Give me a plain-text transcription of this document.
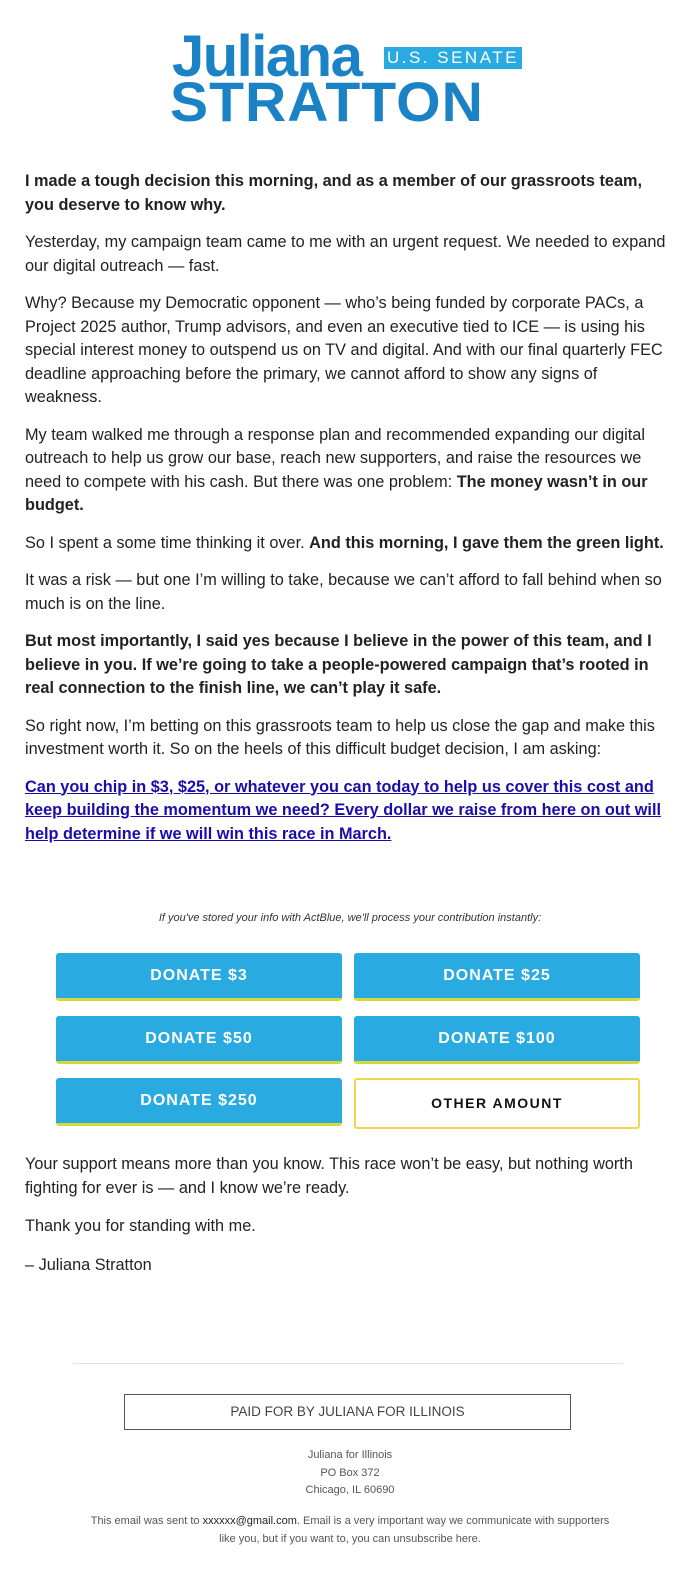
Juliana U.S. SENATE
STRATTON

I made a tough decision this morning, and as a member of our grassroots team, you deserve to know why.

Yesterday, my campaign team came to me with an urgent request. We needed to expand our digital outreach — fast.

Why? Because my Democratic opponent — who’s being funded by corporate PACs, a Project 2025 author, Trump advisors, and even an executive tied to ICE — is using his special interest money to outspend us on TV and digital. And with our final quarterly FEC deadline approaching before the primary, we cannot afford to show any signs of weakness.

My team walked me through a response plan and recommended expanding our digital outreach to help us grow our base, reach new supporters, and raise the resources we need to compete with his cash. But there was one problem: The money wasn’t in our budget.

So I spent a some time thinking it over. And this morning, I gave them the green light.

It was a risk — but one I’m willing to take, because we can’t afford to fall behind when so much is on the line.

But most importantly, I said yes because I believe in the power of this team, and I believe in you. If we’re going to take a people-powered campaign that’s rooted in real connection to the finish line, we can’t play it safe.

So right now, I’m betting on this grassroots team to help us close the gap and make this investment worth it. So on the heels of this difficult budget decision, I am asking:

Can you chip in $3, $25, or whatever you can today to help us cover this cost and keep building the momentum we need? Every dollar we raise from here on out will help determine if we will win this race in March.

If you've stored your info with ActBlue, we'll process your contribution instantly:
DONATE $3	DONATE $25
DONATE $50	DONATE $100
DONATE $250	OTHER AMOUNT

Your support means more than you know. This race won’t be easy, but nothing worth fighting for ever is — and I know we’re ready.

Thank you for standing with me.

– Juliana Stratton

PAID FOR BY JULIANA FOR ILLINOIS
Juliana for Illinois
PO Box 372
Chicago, IL 60690
This email was sent to xxxxxx@gmail.com. Email is a very important way we communicate with supporters like you, but if you want to, you can unsubscribe here.
